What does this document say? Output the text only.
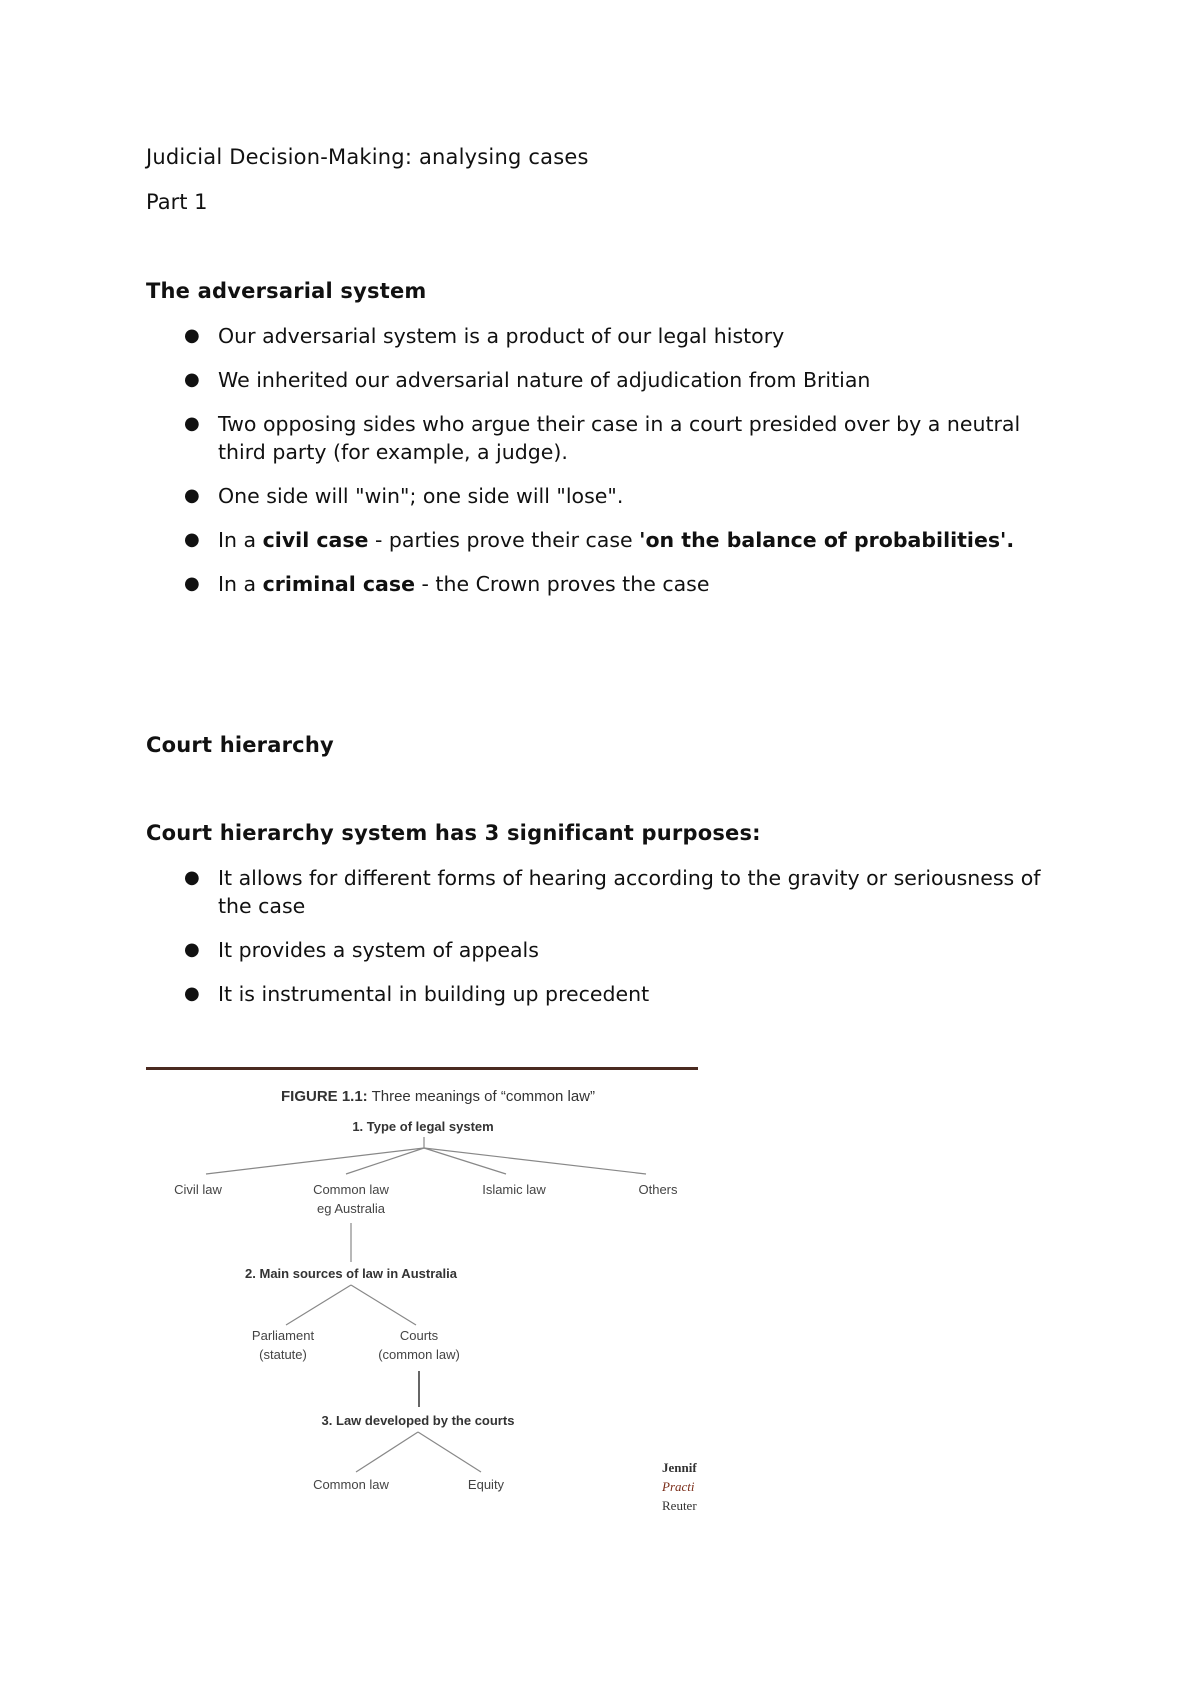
Judicial Decision-Making: analysing cases
Part 1
The adversarial system
● Our adversarial system is a product of our legal history
● We inherited our adversarial nature of adjudication from Britian
● Two opposing sides who argue their case in a court presided over by a neutral third party (for example, a judge).
● One side will "win"; one side will "lose".
● In a civil case - parties prove their case 'on the balance of probabilities'.
● In a criminal case - the Crown proves the case
Court hierarchy
Court hierarchy system has 3 significant purposes:
● It allows for different forms of hearing according to the gravity or seriousness of the case
● It provides a system of appeals
● It is instrumental in building up precedent
FIGURE 1.1: Three meanings of “common law”
1. Type of legal system
Civil law	Common law	Islamic law	Others
eg Australia
2. Main sources of law in Australia
Parliament
(statute)
Courts
(common law)
3. Law developed by the courts
Common law	Equity
Jennif
Practi
Reuter
